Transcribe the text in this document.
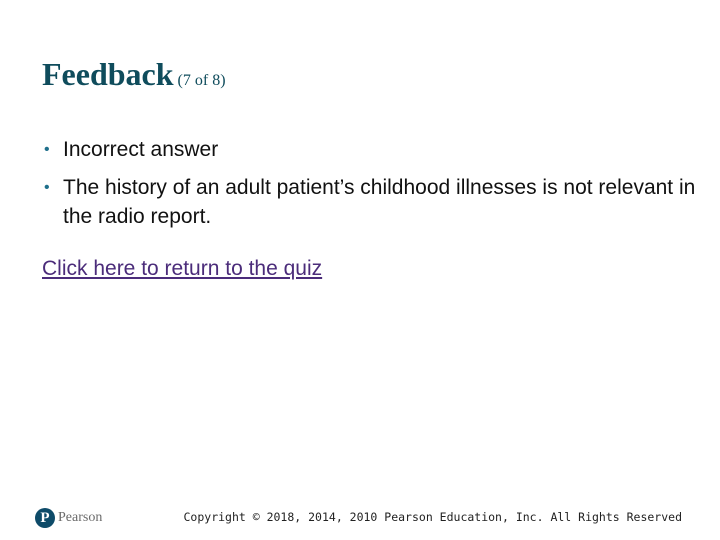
Feedback (7 of 8)
• Incorrect answer
• The history of an adult patient’s childhood illnesses is not relevant in the radio report.
Click here to return to the quiz
P Pearson	Copyright © 2018, 2014, 2010 Pearson Education, Inc. All Rights Reserved
